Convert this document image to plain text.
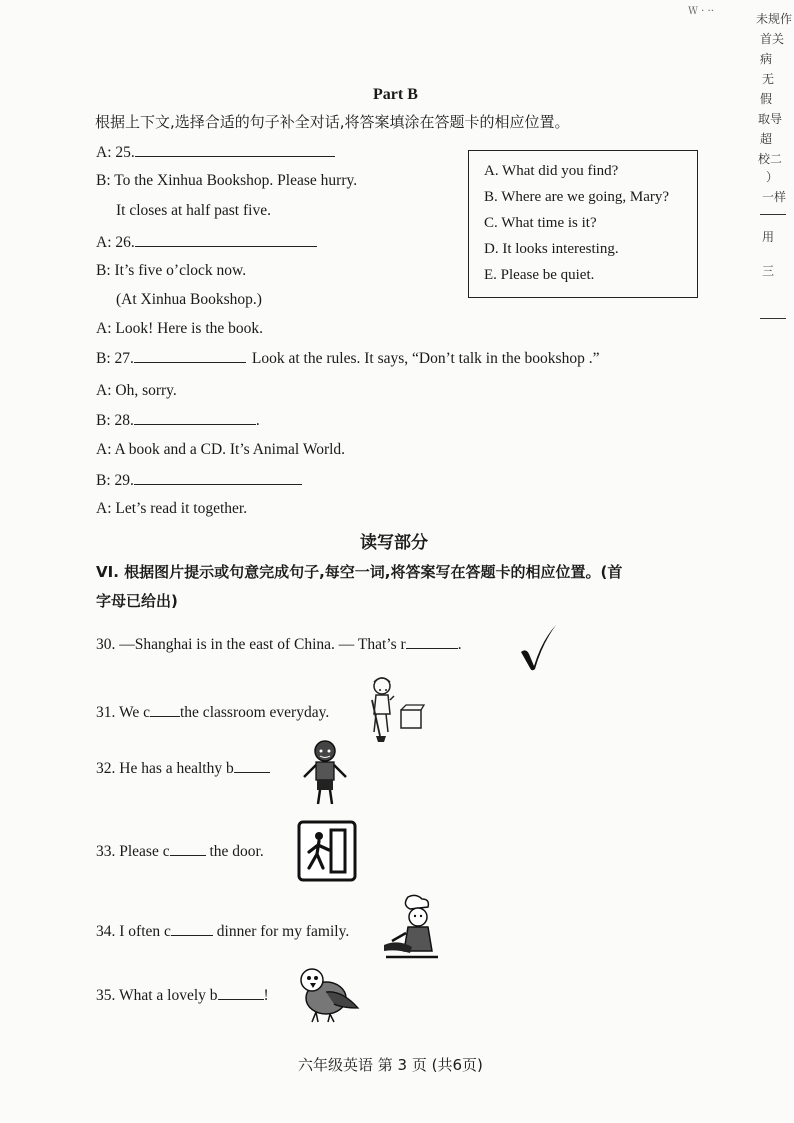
Ｗ · ··
未规作
首关
病
无
假
取导
超
校二
）
一样
用
三
Part B
根据上下文,选择合适的句子补全对话,将答案填涂在答题卡的相应位置。
A: 25.
B: To the Xinhua Bookshop. Please hurry.
It closes at half past five.
A: 26.
B: It’s five o’clock now.
(At Xinhua Bookshop.)
A: Look! Here is the book.
B: 27.	Look at the rules. It says, “Don’t talk in the bookshop .”
A: Oh, sorry.
B: 28.	.
A: A book and a CD. It’s Animal World.
B: 29.
A: Let’s read it together.
A. What did you find?
B. Where are we going, Mary?
C. What time is it?
D. It looks interesting.
E. Please be quiet.
读写部分
VI. 根据图片提示或句意完成句子,每空一词,将答案写在答题卡的相应位置。(首
字母已给出)
30. —Shanghai is in the east of China. — That’s r	.
31. We c the classroom everyday.
32. He has a healthy b
33. Please c the door.
34. I often c	dinner for my family.
35. What a lovely b	!
六年级英语 第 3 页 (共6页)
